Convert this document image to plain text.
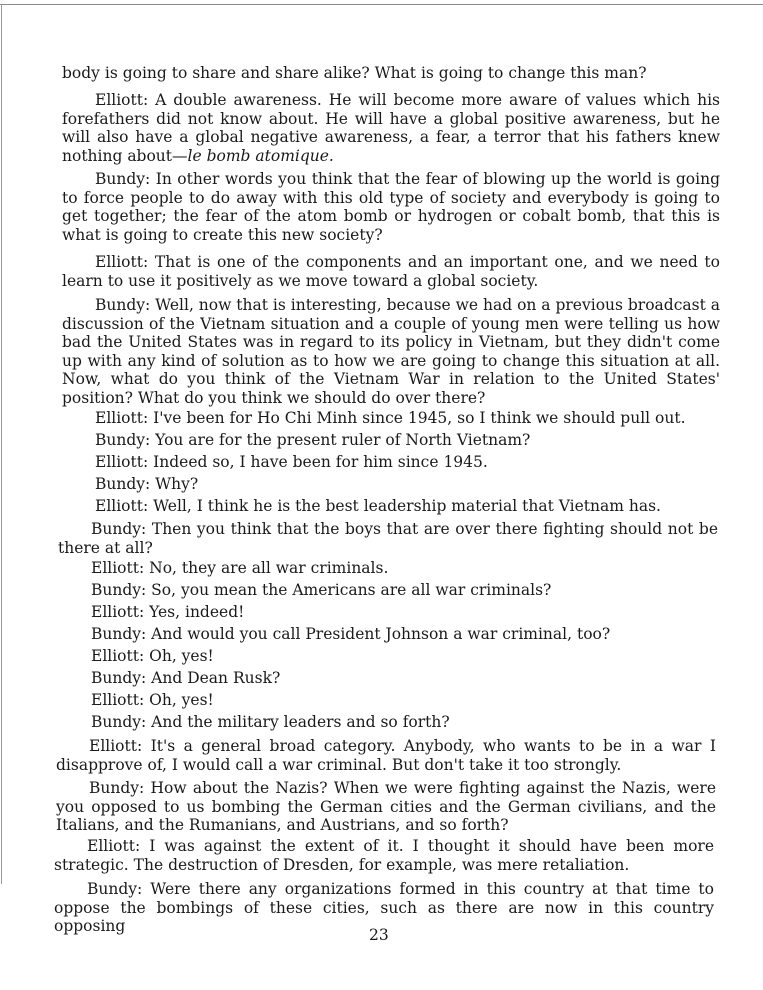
body is going to share and share alike? What is going to change this man?

Elliott: A double awareness. He will become more aware of values which his forefathers did not know about. He will have a global positive awareness, but he will also have a global negative awareness, a fear, a terror that his fathers knew nothing about—le bomb atomique.

Bundy: In other words you think that the fear of blowing up the world is going to force people to do away with this old type of society and everybody is going to get together; the fear of the atom bomb or hydrogen or cobalt bomb, that this is what is going to create this new society?

Elliott: That is one of the components and an important one, and we need to learn to use it positively as we move toward a global society.

Bundy: Well, now that is interesting, because we had on a previous broadcast a discussion of the Vietnam situation and a couple of young men were telling us how bad the United States was in regard to its policy in Vietnam, but they didn't come up with any kind of solution as to how we are going to change this situation at all. Now, what do you think of the Vietnam War in relation to the United States' position? What do you think we should do over there?

Elliott: I've been for Ho Chi Minh since 1945, so I think we should pull out.

Bundy: You are for the present ruler of North Vietnam?

Elliott: Indeed so, I have been for him since 1945.

Bundy: Why?

Elliott: Well, I think he is the best leadership material that Vietnam has.

Bundy: Then you think that the boys that are over there fighting should not be there at all?

Elliott: No, they are all war criminals.

Bundy: So, you mean the Americans are all war criminals?

Elliott: Yes, indeed!

Bundy: And would you call President Johnson a war criminal, too?

Elliott: Oh, yes!

Bundy: And Dean Rusk?

Elliott: Oh, yes!

Bundy: And the military leaders and so forth?

Elliott: It's a general broad category. Anybody, who wants to be in a war I disapprove of, I would call a war criminal. But don't take it too strongly.

Bundy: How about the Nazis? When we were fighting against the Nazis, were you opposed to us bombing the German cities and the German civilians, and the Italians, and the Rumanians, and Austrians, and so forth?

Elliott: I was against the extent of it. I thought it should have been more strategic. The destruction of Dresden, for example, was mere retaliation.

Bundy: Were there any organizations formed in this country at that time to oppose the bombings of these cities, such as there are now in this country opposing	23
